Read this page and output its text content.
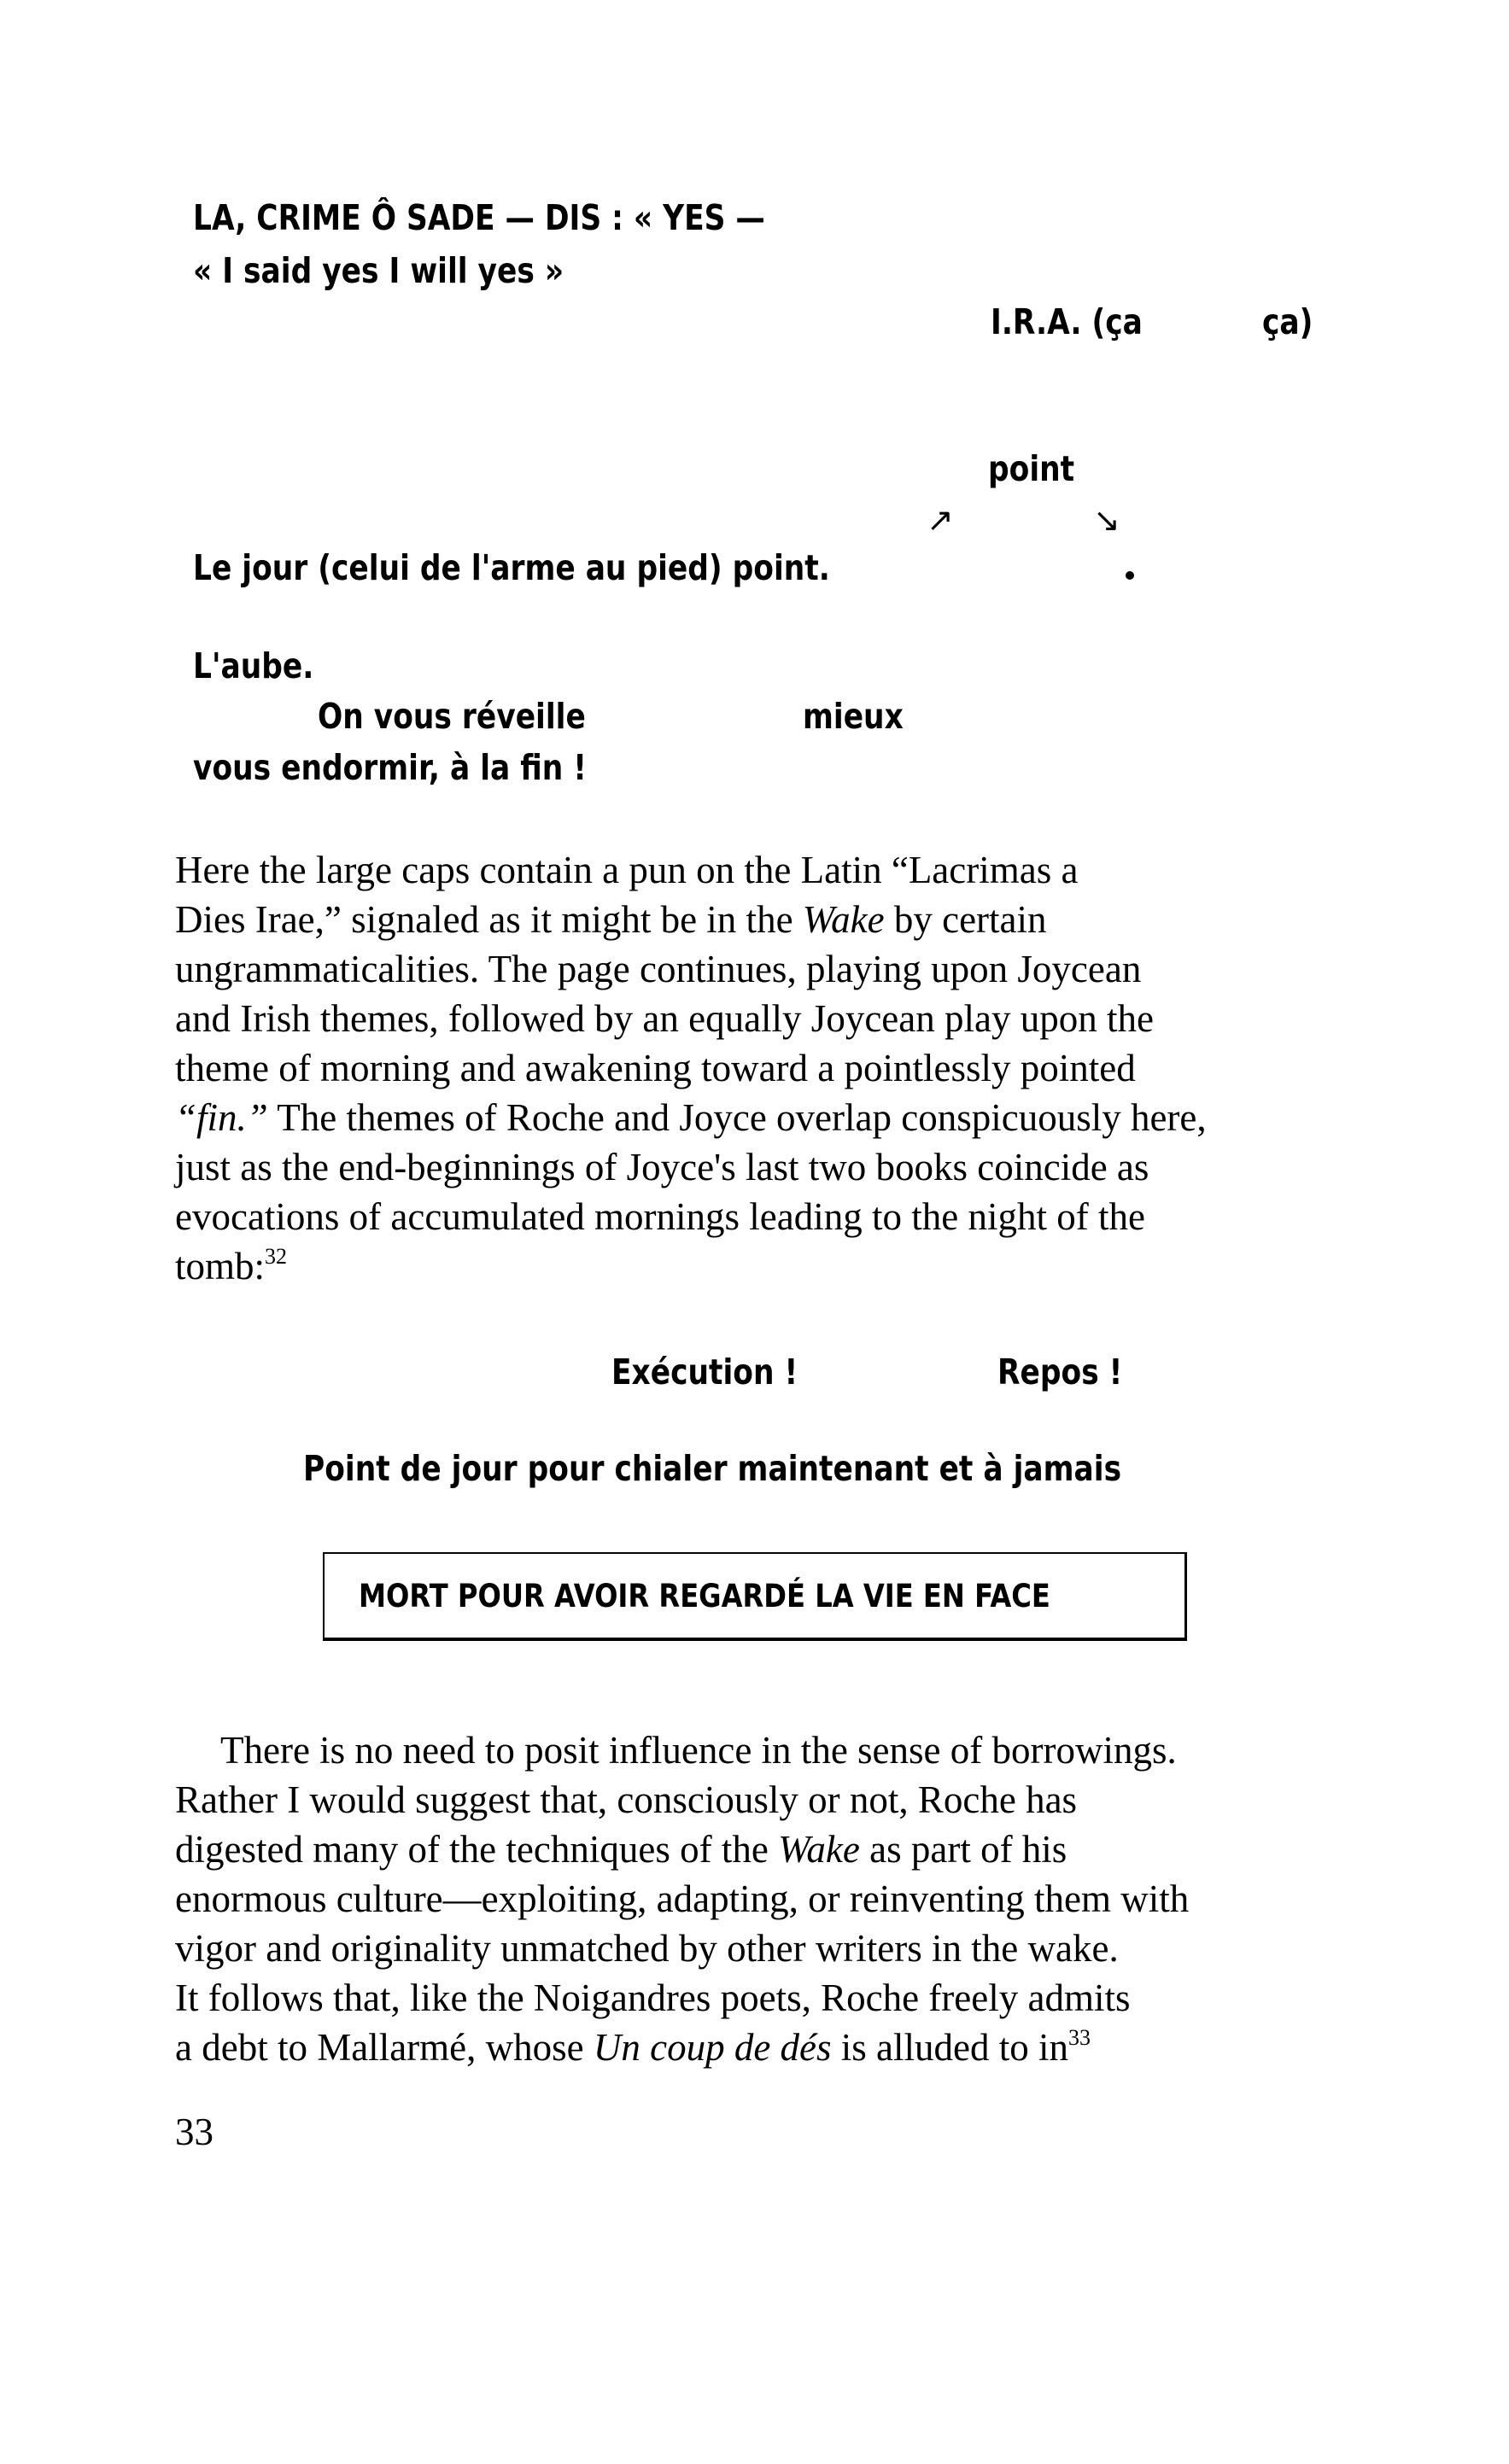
LA, CRIME Ô SADE — DIS : « YES —
« I said yes I will yes »
I.R.A. (ça	ça)
point
↗	↘
Le jour (celui de l'arme au pied) point.
L'aube.
On vous réveille	mieux
vous endormir, à la fin !
Here the large caps contain a pun on the Latin “Lacrimas a
Dies Irae,” signaled as it might be in the Wake by certain
ungrammaticalities. The page continues, playing upon Joycean
and Irish themes, followed by an equally Joycean play upon the
theme of morning and awakening toward a pointlessly pointed
“fin.” The themes of Roche and Joyce overlap conspicuously here,
just as the end-beginnings of Joyce's last two books coincide as
evocations of accumulated mornings leading to the night of the
tomb:$^{32}$
Exécution !	Repos !
Point de jour pour chialer maintenant et à jamais
MORT POUR AVOIR REGARDÉ LA VIE EN FACE
There is no need to posit influence in the sense of borrowings.
Rather I would suggest that, consciously or not, Roche has
digested many of the techniques of the Wake as part of his
enormous culture—exploiting, adapting, or reinventing them with
vigor and originality unmatched by other writers in the wake.
It follows that, like the Noigandres poets, Roche freely admits
a debt to Mallarmé, whose Un coup de dés is alluded to $in^{33}$
33
